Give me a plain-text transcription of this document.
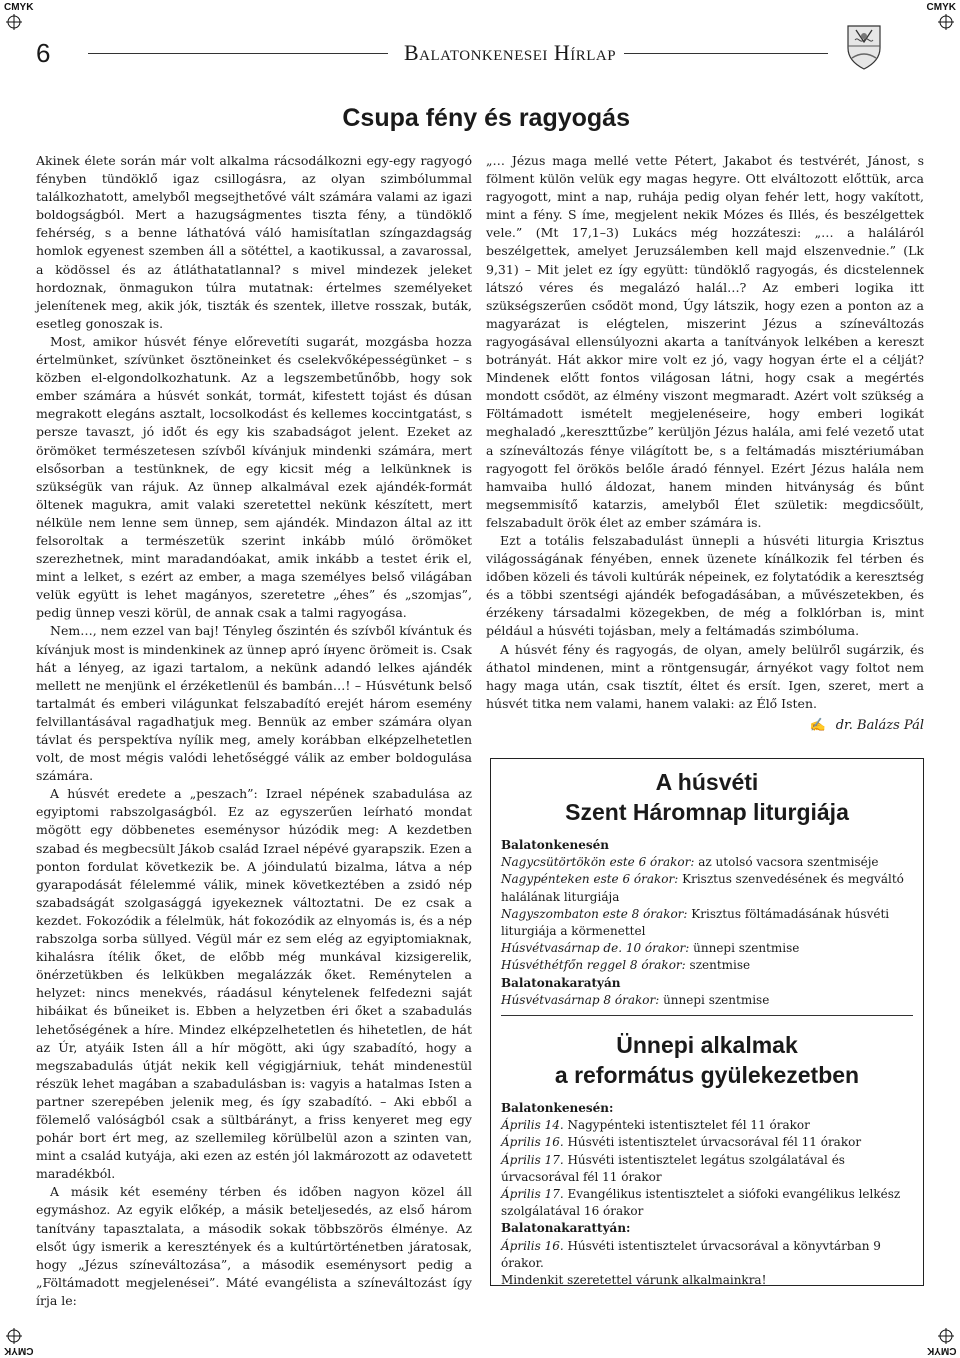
CMYK	CMYK
CMYK	CMYK
6	Balatonkenesei Hírlap
Csupa fény és ragyogás

Akinek élete során már volt alkalma rácsodálkozni egy-egy ragyogó fényben tündöklő igaz csillogásra, az olyan szimbólummal találkozhatott, amelyből megsejthetővé vált számára valami az igazi boldogságból. Mert a hazugságmentes tiszta fény, a tündöklő fehérség, s a benne láthatóvá váló hamisítatlan színgazdagság homlok egyenest szemben áll a sötéttel, a kaotikussal, a zavarossal, a ködössel és az átláthatatlannal? s mivel mindezek jeleket hordoznak, önmagukon túlra mutatnak: értelmes személyeket jelenítenek meg, akik jók, tiszták és szentek, illetve rosszak, buták, esetleg gonoszak is.

Most, amikor húsvét fénye előrevetíti sugarát, mozgásba hozza értelmünket, szívünket ösztöneinket és cselekvőképességünket – s közben el-elgondolkozhatunk. Az a legszembetűnőbb, hogy sok ember számára a húsvét sonkát, tormát, kifestett tojást és dúsan megrakott elegáns asztalt, locsolkodást és kellemes koccintgatást, s persze tavaszt, jó időt és egy kis szabadságot jelent. Ezeket az örömöket természetesen szívből kívánjuk mindenki számára, mert elsősorban a testünknek, de egy kicsit még a lelkünknek is szükségük van rájuk. Az ünnep alkalmával ezek ajándék-formát öltenek magukra, amit valaki szeretettel nekünk készített, mert nélküle nem lenne sem ünnep, sem ajándék. Mindazon által az itt felsoroltak a természetük szerint inkább múló örömöket szerezhetnek, mint maradandóakat, amik inkább a testet érik el, mint a lelket, s ezért az ember, a maga személyes belső világában velük együtt is lehet magányos, szeretetre „éhes” és „szomjas”, pedig ünnep veszi körül, de annak csak a talmi ragyogása.

Nem…, nem ezzel van baj! Tényleg őszintén és szívből kívántuk és kívánjuk most is mindenkinek az ünnep apró íнyenc örömeit is. Csak hát a lényeg, az igazi tartalom, a nekünk adandó lelkes ajándék mellett ne menjünk el érzéketlenül és bambán…! – Húsvétunk belső tartalmát és emberi világunkat felszabadító erejét három esemény felvillantásával ragadhatjuk meg. Bennük az ember számára olyan távlat és perspektíva nyílik meg, amely korábban elképzelhetetlen volt, de most mégis valódi lehetőséggé válik az ember boldogulása számára.

A húsvét eredete a „peszach”: Izrael népének szabadulása az egyiptomi rabszolgaságból. Ez az egyszerűen leírható mondat mögött egy döbbenetes eseménysor húzódik meg: A kezdetben szabad és megbecsült Jákob család Izrael népévé gyarapszik. Ezen a ponton fordulat következik be. A jóindulatú bizalma, látva a nép gyarapodását félelemmé válik, minek következtében a zsidó nép szabadságát szolgasággá igyekeznek változtatni. De ez csak a kezdet. Fokozódik a félelmük, hát fokozódik az elnyomás is, és a nép rabszolga sorba süllyed. Végül már ez sem elég az egyiptomiaknak, kihalásra ítélik őket, de előbb még munkával kizsigerelik, önérzetükben és lelkükben megalázzák őket. Reménytelen a helyzet: nincs menekvés, ráadásul kénytelenek felfedezni saját hibáikat és bűneiket is. Ebben a helyzetben éri őket a szabadulás lehetőségének a híre. Mindez elképzelhetetlen és hihetetlen, de hát az Úr, atyáik Isten áll a hír mögött, aki úgy szabadító, hogy a megszabadulás útját nekik kell végigjárniuk, tehát mindenestül részük lehet magában a szabadulásban is: vagyis a hatalmas Isten a partner szerepében jelenik meg, és így szabadító. – Aki ebből a fölemelő valóságból csak a sültbárányt, a friss kenyeret meg egy pohár bort ért meg, az szellemileg körülbelül azon a szinten van, mint a család kutyája, aki ezen az estén jól lakmározott az odavetett maradékból.

A másik két esemény térben és időben nagyon közel áll egymáshoz. Az egyik előkép, a másik beteljesedés, az első három tanítvány tapasztalata, a második sokak többszörös élménye. Az elsőt úgy ismerik a keresztények és a kultúrtörténetben járatosak, hogy „Jézus színeváltozása”, a második eseménysort pedig a „Föltámadott megjelenései”. Máté evangélista a színeváltozást így írja le:

„… Jézus maga mellé vette Pétert, Jakabot és testvérét, Jánost, s fölment külön velük egy magas hegyre. Ott elváltozott előttük, arca ragyogott, mint a nap, ruhája pedig olyan fehér lett, hogy vakított, mint a fény. S íme, megjelent nekik Mózes és Illés, és beszélgettek vele.” (Mt 17,1–3) Lukács még hozzáteszi: „… a haláláról beszélgettek, amelyet Jeruzsálemben kell majd elszenvednie.” (Lk 9,31) – Mit jelet ez így együtt: tündöklő ragyogás, és dicstelennek látszó véres és megalázó halál…? Az emberi logika itt szükségszerűen csődöt mond, Úgy látszik, hogy ezen a ponton az a magyarázat is elégtelen, miszerint Jézus a színeváltozás ragyogásával ellensúlyozni akarta a tanítványok lelkében a kereszt botrányát. Hát akkor mire volt ez jó, vagy hogyan érte el a célját? Mindenek előtt fontos világosan látni, hogy csak a megértés mondott csődöt, az élmény viszont megmaradt. Azért volt szükség a Föltámadott ismételt megjelenéseire, hogy emberi logikát meghaladó „kereszttűzbe” kerüljön Jézus halála, ami felé vezető utat a színeváltozás fénye világított be, s a feltámadás misztériumában ragyogott fel örökös belőle áradó fénnyel. Ezért Jézus halála nem hamvaiba hulló áldozat, hanem minden hitványság és bűnt megsemmisítő katarzis, amelyből Élet születik: megdicsőült, felszabadult örök élet az ember számára is.

Ezt a totális felszabadulást ünnepli a húsvéti liturgia Krisztus világosságának fényében, ennek üzenete kínálkozik fel térben és időben közeli és távoli kultúrák népeinek, ez folytatódik a keresztség és a többi szentségi ajándék befogadásában, a művészetekben, és érzékeny társadalmi közegekben, de még a folklórban is, mint például a húsvéti tojásban, mely a feltámadás szimbóluma.

A húsvét fény és ragyogás, de olyan, amely belülről sugárzik, és áthatol mindenen, mint a röntgensugár, árnyékot vagy foltot nem hagy maga után, csak tisztít, éltet és ersít. Igen, szeret, mert a húsvét titka nem valami, hanem valaki: az Élő Isten.

✍ dr. Balázs Pál
A húsvéti
Szent Háromnap liturgiája
Balatonkenesén
Nagycsütörtökön este 6 órakor: az utolsó vacsora szentmiséje
Nagypénteken este 6 órakor: Krisztus szenvedésének és megváltó halálának liturgiája
Nagyszombaton este 8 órakor: Krisztus föltámadásának húsvéti liturgiája a körmenettel
Húsvétvasárnap de. 10 órakor: ünnepi szentmise
Húsvéthétfőn reggel 8 órakor: szentmise
Balatonakaratyán
Húsvétvasárnap 8 órakor: ünnepi szentmise
Ünnepi alkalmak
a református gyülekezetben
Balatonkenesén:
Április 14. Nagypénteki istentisztelet fél 11 órakor
Április 16. Húsvéti istentisztelet úrvacsorával fél 11 órakor
Április 17. Húsvéti istentisztelet legátus szolgálatával és úrvacsorával fél 11 órakor
Április 17. Evangélikus istentisztelet a siófoki evangélikus lelkész szolgálatával 16 órakor
Balatonakarattyán:
Április 16. Húsvéti istentisztelet úrvacsorával a könyvtárban 9 órakor.
Mindenkit szeretettel várunk alkalmainkra!
